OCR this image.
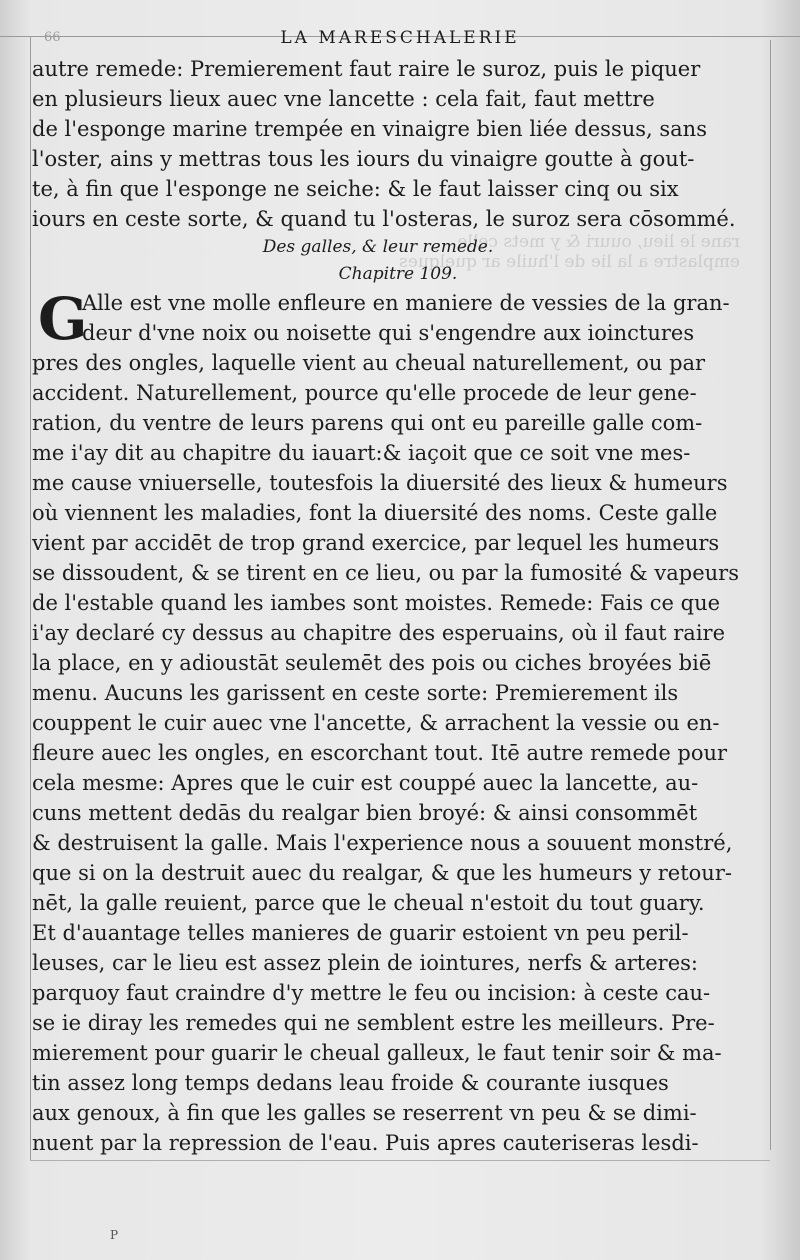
66	LA MARESCHALERIE
rane le lieu, ouuri & y mets celle
emplastre a la lie de l'huile ar quelques
autre remede: Premierement faut raire le suroz, puis le piquer
en plusieurs lieux auec vne lancette : cela fait, faut mettre
de l'esponge marine trempée en vinaigre bien liée dessus, sans
l'oster, ains y mettras tous les iours du vinaigre goutte à gout-
te, à fin que l'esponge ne seiche: & le faut laisser cinq ou six
iours en ceste sorte, & quand tu l'osteras, le suroz sera cōsommé.
Des galles, & leur remede.
Chapitre 109.
G
Alle est vne molle enfleure en maniere de vessies de la gran-
deur d'vne noix ou noisette qui s'engendre aux ioinctures
pres des ongles, laquelle vient au cheual naturellement, ou par
accident. Naturellement, pource qu'elle procede de leur gene-
ration, du ventre de leurs parens qui ont eu pareille galle com-
me i'ay dit au chapitre du iauart:& iaçoit que ce soit vne mes-
me cause vniuerselle, toutesfois la diuersité des lieux & humeurs
où viennent les maladies, font la diuersité des noms. Ceste galle
vient par accidēt de trop grand exercice, par lequel les humeurs
se dissoudent, & se tirent en ce lieu, ou par la fumosité & vapeurs
de l'estable quand les iambes sont moistes. Remede: Fais ce que
i'ay declaré cy dessus au chapitre des esperuains, où il faut raire
la place, en y adioustāt seulemēt des pois ou ciches broyées biē
menu. Aucuns les garissent en ceste sorte: Premierement ils
couppent le cuir auec vne l'ancette, & arrachent la vessie ou en-
fleure auec les ongles, en escorchant tout. Itē autre remede pour
cela mesme: Apres que le cuir est couppé auec la lancette, au-
cuns mettent dedās du realgar bien broyé: & ainsi consommēt
& destruisent la galle. Mais l'experience nous a souuent monstré,
que si on la destruit auec du realgar, & que les humeurs y retour-
nēt, la galle reuient, parce que le cheual n'estoit du tout guary.
Et d'auantage telles manieres de guarir estoient vn peu peril-
leuses, car le lieu est assez plein de iointures, nerfs & arteres:
parquoy faut craindre d'y mettre le feu ou incision: à ceste cau-
se ie diray les remedes qui ne semblent estre les meilleurs. Pre-
mierement pour guarir le cheual galleux, le faut tenir soir & ma-
tin assez long temps dedans leau froide & courante iusques
aux genoux, à fin que les galles se reserrent vn peu & se dimi-
nuent par la repression de l'eau. Puis apres cauteriseras lesdi-
P
